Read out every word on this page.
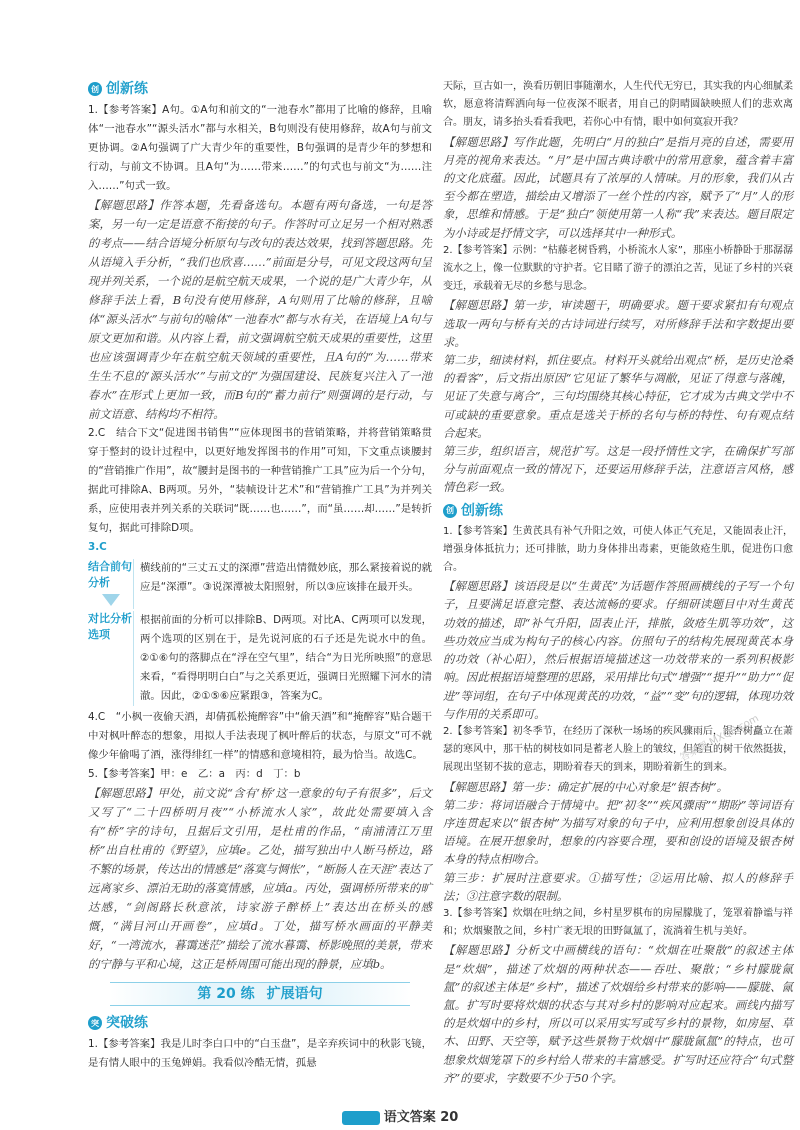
创 创新练

1.【参考答案】A句。①A句和前文的“一池春水”都用了比喻的修辞，且喻体“一池春水”“源头活水”都与水相关，B句则没有使用修辞，故A句与前文更协调。②A句强调了广大青少年的重要性，B句强调的是青少年的梦想和行动，与前文不协调。且A句“为……带来……”的句式也与前文“为……注入……”句式一致。

【解题思路】作答本题，先看备选句。本题有两句备选，一句是答案，另一句一定是语意不衔接的句子。作答时可立足另一个相对熟悉的考点——结合语境分析原句与改句的表达效果，找到答题思路。先从语境入手分析，“我们也欣喜……”前面是分号，可见文段这两句呈现并列关系，一个说的是航空航天成果，一个说的是广大青少年，从修辞手法上看，B句没有使用修辞，A句则用了比喻的修辞，且喻体“源头活水”与前句的喻体“一池春水”都与水有关，在语境上A句与原文更加和谐。从内容上看，前文强调航空航天成果的重要性，这里也应该强调青少年在航空航天领域的重要性，且A句的“为……带来生生不息的‘源头活水’”与前文的“为强国建设、民族复兴注入了一池春水”在形式上更加一致，而B句的“蓄力前行”则强调的是行动，与前文语意、结构均不相符。

2.C　结合下文“促进图书销售”“应体现图书的营销策略，并将营销策略贯穿于整封的设计过程中，以更好地发挥图书的作用”可知，下文重点谈腰封的“营销推广作用”，故“腰封是图书的一种营销推广工具”应为后一个分句，据此可排除A、B两项。另外，“装帧设计艺术”和“营销推广工具”为并列关系，应使用表并列关系的关联词“既……也……”，而“虽……却……”是转折复句，据此可排除D项。

3.C

结合前句分析

横线前的“三丈五丈的深潭”营造出情微妙底，那么紧接着说的就应是“深潭”。③说深潭被太阳照射，所以③应该排在最开头。

对比分析选项

根据前面的分析可以排除B、D两项。对比A、C两项可以发现，两个选项的区别在于，是先说河底的石子还是先说水中的鱼。②①⑥句的落脚点在“浮在空气里”，结合“为日光所映照”的意思来看，“看得明明白白”与之关系更近，强调日光照耀下河水的清澈。因此，②①⑤⑥应紧跟③，答案为C。

4.C　“小枫一夜偷天酒，却倩孤松掩醉容”中“偷天酒”和“掩醉容”贴合题干中对枫叶醉态的想象，用拟人手法表现了枫叶醉后的状态，与原文“可不就像少年偷喝了酒，涨得绯红一样”的情感和意境相符，最为恰当。故选C。

5.【参考答案】甲：e　乙：a　丙：d　丁：b

【解题思路】甲处，前文说“含有‘桥’这一意象的句子有很多”，后文又写了“二十四桥明月夜”“小桥流水人家”，故此处需要填入含有“桥”字的诗句，且据后文引用，是杜甫的作品，“南浦清江万里桥”出自杜甫的《野望》，应填e。乙处，描写独出中人断马桥边，路不繁的场景，传达出的情感是“落寞与惆怅”，“断肠人在天涯”表达了远离家乡、漂泊无助的落寞情感，应填a。丙处，强调桥所带来的旷达感，“剑阁路长秋意浓，诗家游子醉桥上”表达出在桥头的感慨，“满目河山开画卷”，应填d。丁处，描写桥水画面的平静美好，“一湾流水，暮霭迷茫”描绘了流水暮霭、桥影晚照的美景，带来的宁静与平和心境，这正是桥周围可能出现的静景，应填b。

第 20 练 扩展语句
突 突破练

1.【参考答案】我是儿时李白口中的“白玉盘”，是辛弃疾词中的秋影飞镜，是有情人眼中的玉兔婵娟。我看似冷酷无情，孤悬

天际，亘古如一，涣看历朝旧事随潮水，人生代代无穷已，其实我的内心细腻柔软，愿意将清辉洒向每一位夜深不眠者，用自己的阴晴圆缺映照人们的悲欢离合。朋友，请多抬头看看我吧，若你心中有情，眼中如何寞寂开我？

【解题思路】写作此题，先明白“月的独白”是指月亮的自述，需要用月亮的视角来表达。“月”是中国古典诗歌中的常用意象，蕴含着丰富的文化底蕴。因此，试题具有了浓厚的人情味。月的形象，我们从古至今都在塑造，描绘由又增添了一丝个性的内容，赋予了“月”人的形象，思维和情感。于是“独白”领使用第一人称“我”来表达。题目限定为小诗或是抒情文字，可以选择其中一种形式。

2.【参考答案】示例：“枯藤老树昏鸦，小桥流水人家”，那座小桥静卧于那潺潺流水之上，像一位默默的守护者。它目睹了游子的漂泊之苦，见证了乡村的兴衰变迁，承载着无尽的乡愁与思念。

【解题思路】第一步，审读题干，明确要求。题干要求紧扣有句观点选取一两句与桥有关的古诗词进行续写，对所修辞手法和字数提出要求。

第二步，细读材料，抓住要点。材料开头就给出观点“桥，是历史沧桑的看客”，后文指出原因“它见证了繁华与凋敝，见证了得意与落魄，见证了失意与离合”，三句均围绕其核心特征，它才成为古典文学中不可或缺的重要意象。重点是选关于桥的名句与桥的特性、句有观点结合起来。

第三步，组织语言，规范扩写。这是一段抒情性文字，在确保扩写部分与前面观点一致的情况下，还要运用修辞手法，注意语言风格，感情色彩一致。

创 创新练

1.【参考答案】生黄芪具有补气升阳之效，可使人体正气充足，又能固表止汗，增强身体抵抗力；还可排脓，助力身体排出毒素，更能敛疮生肌，促进伤口愈合。

【解题思路】该语段是以“生黄芪”为话题作答照画横线的子写一个句子，且要满足语意完整、表达流畅的要求。仔细研读题目中对生黄芪功效的描述，即“补气升阳，固表止汗，排脓，敛疮生肌等功效”，这些功效应当成为构句子的核心内容。仿照句子的结构先展现黄芪本身的功效（补心阳），然后根据语境描述这一功效带来的一系列积极影响。因此根据语境整理的思路，采用排比句式“增强”“提升”“助力”“促进”等词组，在句子中体现黄芪的功效，“益”“变”句的逻辑，体现功效与作用的关系即可。

2.【参考答案】初冬季节，在经历了深秋一场场的疾风骤雨后，银杏树矗立在萧瑟的寒风中，那干枯的树枝如同是蓄老人脸上的皱纹，但笔直的树干依然挺拔，展现出坚韧不拔的意志，期盼着春天的到来，期盼着新生的到来。

【解题思路】第一步：确定扩展的中心对象是“银杏树”。

第二步：将词语融合于情境中。把“初冬”“疾风骤雨”“期盼”等词语有序连贯起来以“银杏树”为描写对象的句子中，应利用想象创设具体的语境。在展开想象时，想象的内容要合理，要和创设的语境及银杏树本身的特点相吻合。

第三步：扩展时注意要求。①描写性；②运用比喻、拟人的修辞手法；③注意字数的限制。

3.【参考答案】炊烟在吐纳之间，乡村星罗棋布的房屋朦胧了，笼罩着静谧与祥和；炊烟聚散之间，乡村广袤无垠的田野氤氲了，流淌着生机与美好。

【解题思路】分析文中画横线的语句：“炊烟在吐聚散”的叙述主体是“炊烟”，描述了炊烟的两种状态——吞吐、聚散；“乡村朦胧氤氲”的叙述主体是“乡村”，描述了炊烟给乡村带来的影响——朦胧、氤氲。扩写时要将炊烟的状态与其对乡村的影响对应起来。画线内描写的是炊烟中的乡村，所以可以采用实写或写乡村的景物，如房屋、草木、田野、天空等，赋予这些景物于炊烟中“朦胧氤氲”的特点，也可想象炊烟笼罩下的乡村给人带来的丰富感受。扩写时还应符合“句式整齐”的要求，字数要不少于50个字。

答案圈 MXQE.com
语文答案 20
